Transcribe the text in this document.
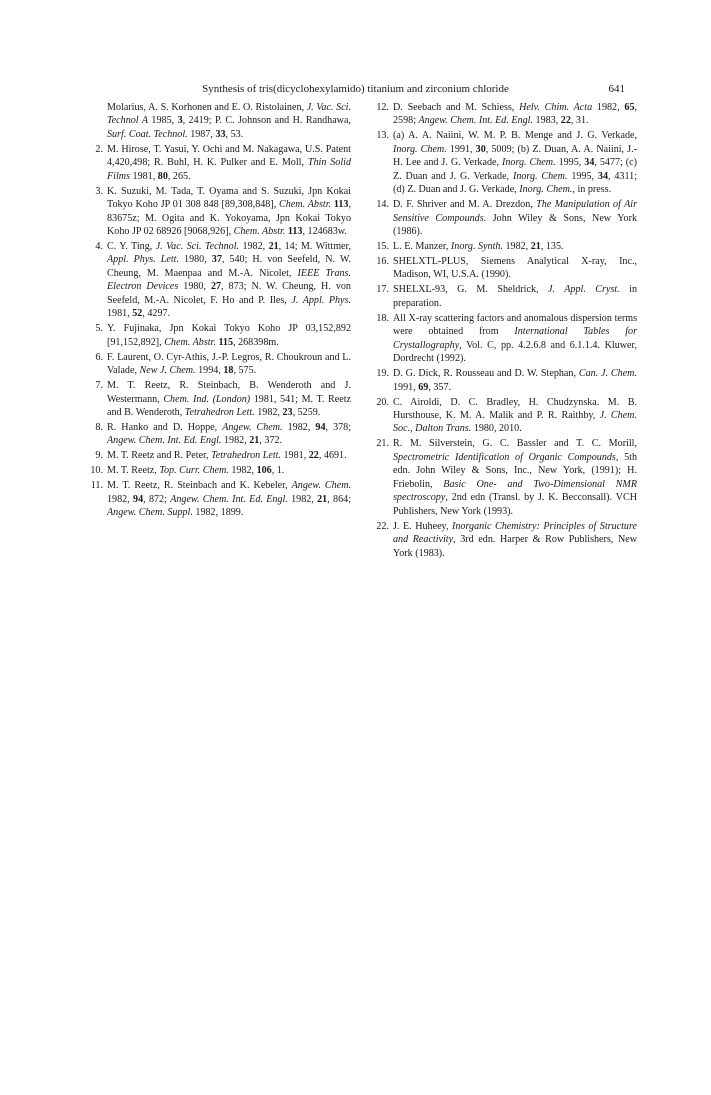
Synthesis of tris(dicyclohexylamido) titanium and zirconium chloride	641
Molarius, A. S. Korhonen and E. O. Ristolainen, J. Vac. Sci. Technol A 1985, 3, 2419; P. C. Johnson and H. Randhawa, Surf. Coat. Technol. 1987, 33, 53.
2. M. Hirose, T. Yasui, Y. Ochi and M. Nakagawa, U.S. Patent 4,420,498; R. Buhl, H. K. Pulker and E. Moll, Thin Solid Films 1981, 80, 265.
3. K. Suzuki, M. Tada, T. Oyama and S. Suzuki, Jpn Kokai Tokyo Koho JP 01 308 848 [89,308,848], Chem. Abstr. 113, 83675z; M. Ogita and K. Yokoyama, Jpn Kokai Tokyo Koho JP 02 68926 [9068,926], Chem. Abstr. 113, 124683w.
4. C. Y. Ting, J. Vac. Sci. Technol. 1982, 21, 14; M. Wittmer, Appl. Phys. Lett. 1980, 37, 540; H. von Seefeld, N. W. Cheung, M. Maenpaa and M.-A. Nicolet, IEEE Trans. Electron Devices 1980, 27, 873; N. W. Cheung, H. von Seefeld, M.-A. Nicolet, F. Ho and P. Iles, J. Appl. Phys. 1981, 52, 4297.
5. Y. Fujinaka, Jpn Kokai Tokyo Koho JP 03,152,892 [91,152,892], Chem. Abstr. 115, 268398m.
6. F. Laurent, O. Cyr-Athis, J.-P. Legros, R. Choukroun and L. Valade, New J. Chem. 1994, 18, 575.
7. M. T. Reetz, R. Steinbach, B. Wenderoth and J. Westermann, Chem. Ind. (London) 1981, 541; M. T. Reetz and B. Wenderoth, Tetrahedron Lett. 1982, 23, 5259.
8. R. Hanko and D. Hoppe, Angew. Chem. 1982, 94, 378; Angew. Chem. Int. Ed. Engl. 1982, 21, 372.
9. M. T. Reetz and R. Peter, Tetrahedron Lett. 1981, 22, 4691.
10. M. T. Reetz, Top. Curr. Chem. 1982, 106, 1.
11. M. T. Reetz, R. Steinbach and K. Kebeler, Angew. Chem. 1982, 94, 872; Angew. Chem. Int. Ed. Engl. 1982, 21, 864; Angew. Chem. Suppl. 1982, 1899.
12. D. Seebach and M. Schiess, Helv. Chim. Acta 1982, 65, 2598; Angew. Chem. Int. Ed. Engl. 1983, 22, 31.
13. (a) A. A. Naiini, W. M. P. B. Menge and J. G. Verkade, Inorg. Chem. 1991, 30, 5009; (b) Z. Duan, A. A. Naiini, J.-H. Lee and J. G. Verkade, Inorg. Chem. 1995, 34, 5477; (c) Z. Duan and J. G. Verkade, Inorg. Chem. 1995, 34, 4311; (d) Z. Duan and J. G. Verkade, Inorg. Chem., in press.
14. D. F. Shriver and M. A. Drezdon, The Manipulation of Air Sensitive Compounds. John Wiley & Sons, New York (1986).
15. L. E. Manzer, Inorg. Synth. 1982, 21, 135.
16. SHELXTL-PLUS, Siemens Analytical X-ray, Inc., Madison, WI, U.S.A. (1990).
17. SHELXL-93, G. M. Sheldrick, J. Appl. Cryst. in preparation.
18. All X-ray scattering factors and anomalous dispersion terms were obtained from International Tables for Crystallography, Vol. C, pp. 4.2.6.8 and 6.1.1.4. Kluwer, Dordrecht (1992).
19. D. G. Dick, R. Rousseau and D. W. Stephan, Can. J. Chem. 1991, 69, 357.
20. C. Airoldi, D. C. Bradley, H. Chudzynska. M. B. Hursthouse, K. M. A. Malik and P. R. Raithby, J. Chem. Soc., Dalton Trans. 1980, 2010.
21. R. M. Silverstein, G. C. Bassler and T. C. Morill, Spectrometric Identification of Organic Compounds, 5th edn. John Wiley & Sons, Inc., New York, (1991); H. Friebolin, Basic One- and Two-Dimensional NMR spectroscopy, 2nd edn (Transl. by J. K. Becconsall). VCH Publishers, New York (1993).
22. J. E. Huheey, Inorganic Chemistry: Principles of Structure and Reactivity, 3rd edn. Harper & Row Publishers, New York (1983).
